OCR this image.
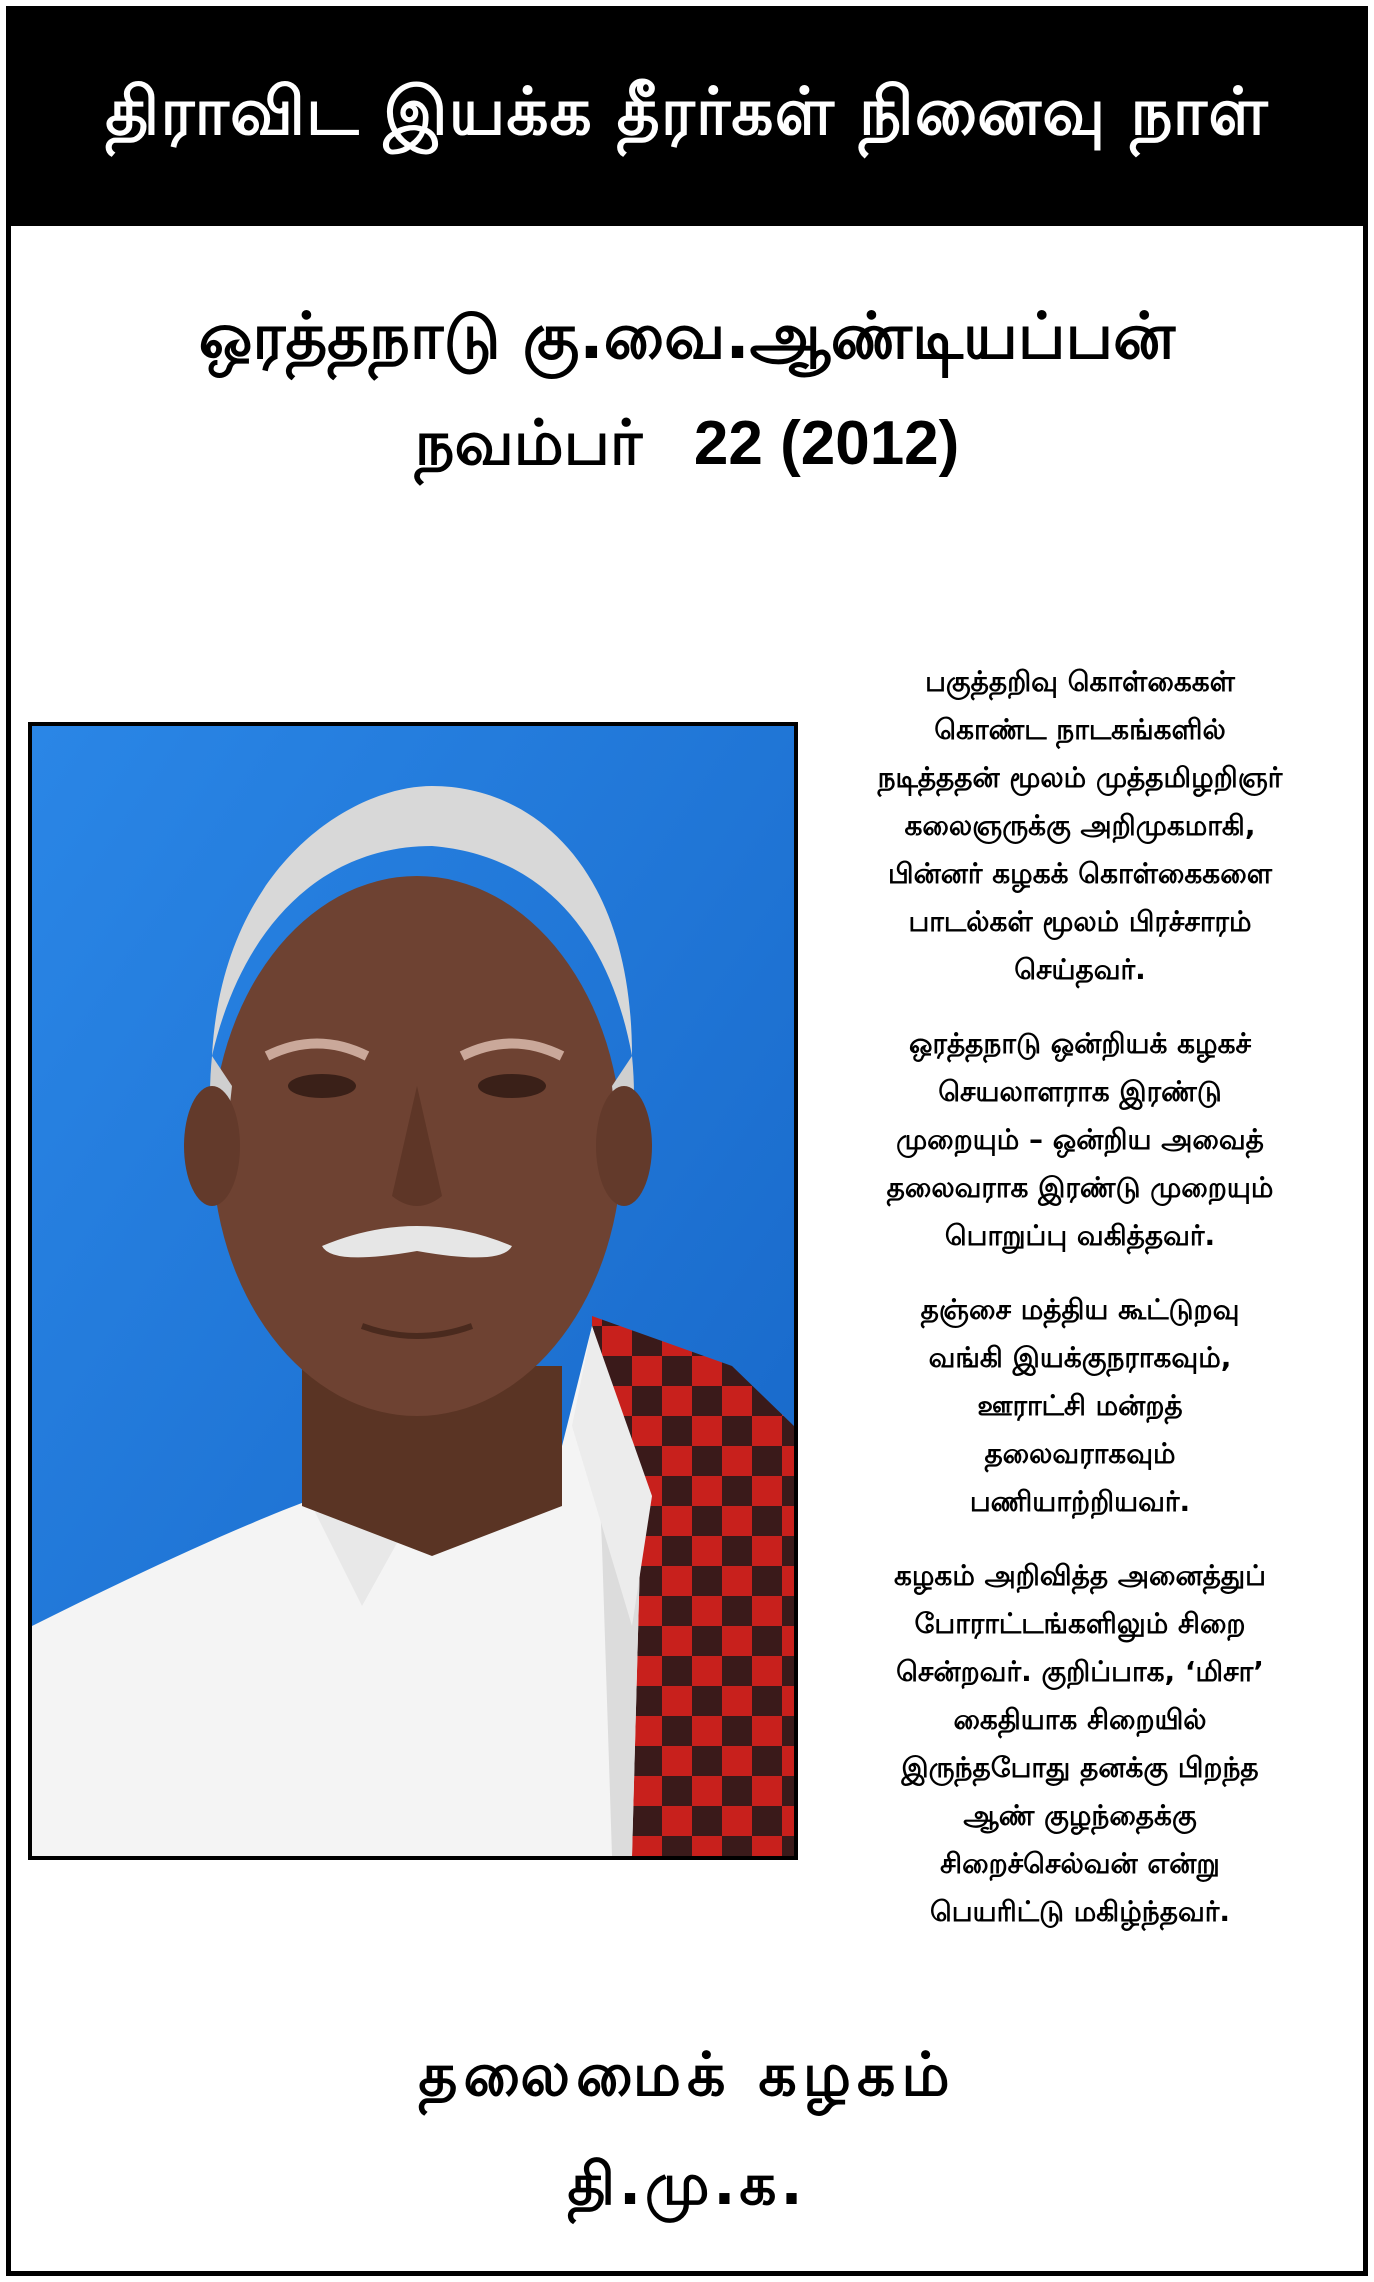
திராவிட இயக்க தீரர்கள் நினைவு நாள்
ஒரத்தநாடு கு.வை.ஆண்டியப்பன்
நவம்பர்   22 (2012)

பகுத்தறிவு கொள்கைகள்
கொண்ட நாடகங்களில்
நடித்ததன் மூலம் முத்தமிழறிஞர்
கலைஞருக்கு அறிமுகமாகி,
பின்னர் கழகக் கொள்கைகளை
பாடல்கள் மூலம் பிரச்சாரம்
செய்தவர்.

ஒரத்தநாடு ஒன்றியக் கழகச்
செயலாளராக இரண்டு
முறையும் – ஒன்றிய அவைத்
தலைவராக இரண்டு முறையும்
பொறுப்பு வகித்தவர்.

தஞ்சை மத்திய கூட்டுறவு
வங்கி இயக்குநராகவும்,
ஊராட்சி மன்றத்
தலைவராகவும்
பணியாற்றியவர்.

கழகம் அறிவித்த அனைத்துப்
போராட்டங்களிலும் சிறை
சென்றவர். குறிப்பாக, ‘மிசா’
கைதியாக சிறையில்
இருந்தபோது தனக்கு பிறந்த
ஆண் குழந்தைக்கு
சிறைச்செல்வன் என்று
பெயரிட்டு மகிழ்ந்தவர்.

தலைமைக் கழகம்
தி.மு.க.
